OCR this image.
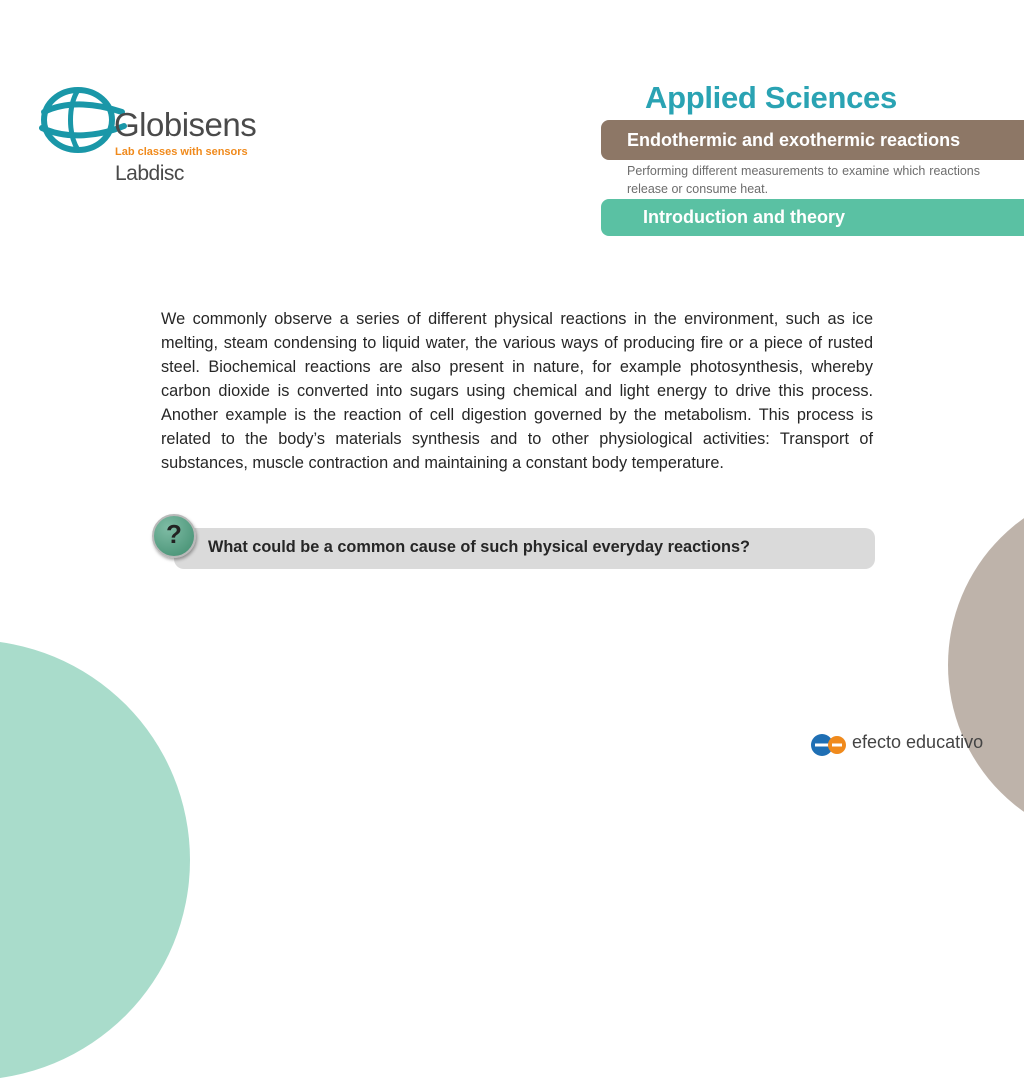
Globisens
Lab classes with sensors
Labdisc
Applied Sciences
Endothermic and exothermic reactions
Performing different measurements to examine which reactions release or consume heat.
Introduction and theory

We commonly observe a series of different physical reactions in the environment, such as ice melting, steam condensing to liquid water, the various ways of producing fire or a piece of rusted steel. Biochemical reactions are also present in nature, for example photosynthesis, whereby carbon dioxide is converted into sugars using chemical and light energy to drive this process. Another example is the reaction of cell digestion governed by the metabolism. This process is related to the body’s materials synthesis and to other physiological activities: Transport of substances, muscle contraction and maintaining a constant body temperature.

What could be a common cause of such physical everyday reactions?
?
efecto educativo
